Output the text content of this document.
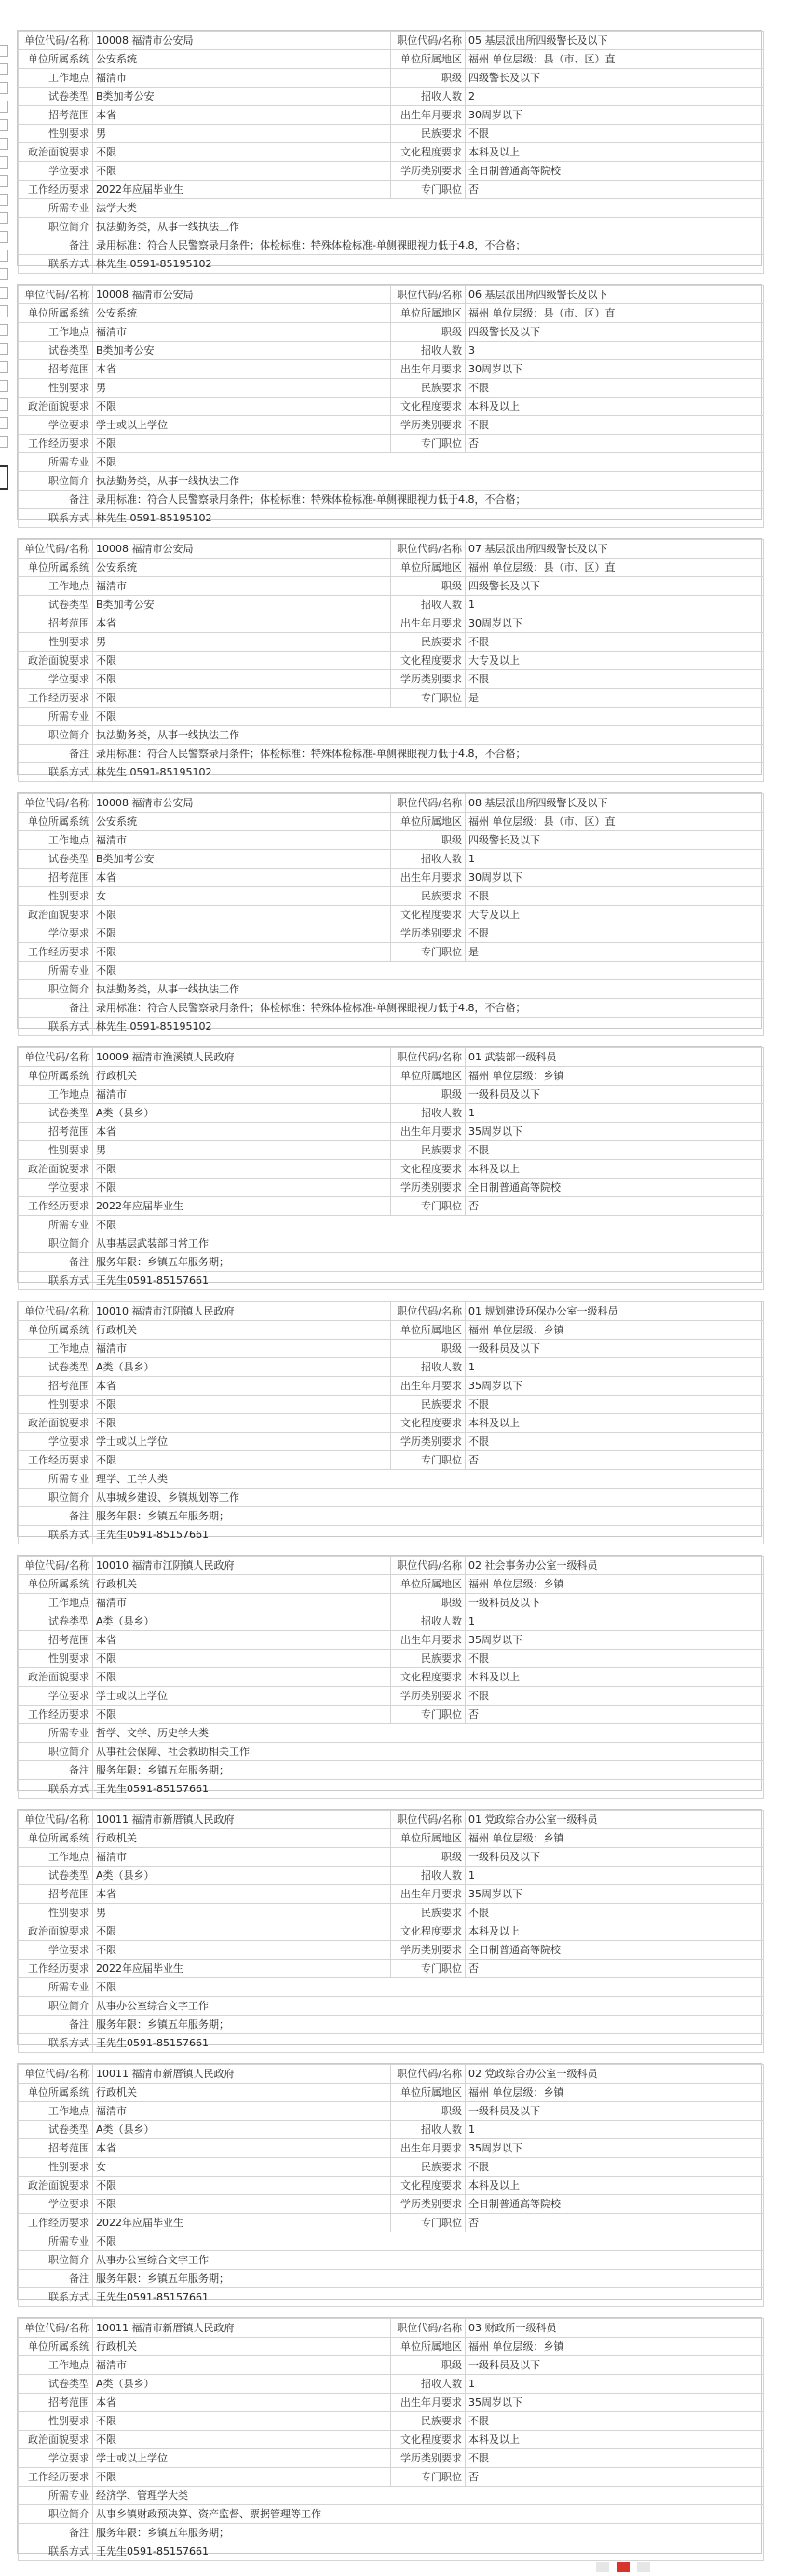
单位代码/名称	10008 福清市公安局	职位代码/名称	05 基层派出所四级警长及以下
单位所属系统	公安系统	单位所属地区	福州 单位层级：县（市、区）直
工作地点	福清市	职级	四级警长及以下
试卷类型	B类加考公安	招收人数	2
招考范围	本省	出生年月要求	30周岁以下
性别要求	男	民族要求	不限
政治面貌要求	不限	文化程度要求	本科及以上
学位要求	不限	学历类别要求	全日制普通高等院校
工作经历要求	2022年应届毕业生	专门职位	否
所需专业	法学大类		
职位简介	执法勤务类，从事一线执法工作		
备注	录用标准：符合人民警察录用条件；体检标准：特殊体检标准-单侧裸眼视力低于4.8，不合格；		
联系方式	林先生 0591-85195102		
单位代码/名称	10008 福清市公安局	职位代码/名称	06 基层派出所四级警长及以下
单位所属系统	公安系统	单位所属地区	福州 单位层级：县（市、区）直
工作地点	福清市	职级	四级警长及以下
试卷类型	B类加考公安	招收人数	3
招考范围	本省	出生年月要求	30周岁以下
性别要求	男	民族要求	不限
政治面貌要求	不限	文化程度要求	本科及以上
学位要求	学士或以上学位	学历类别要求	不限
工作经历要求	不限	专门职位	否
所需专业	不限		
职位简介	执法勤务类，从事一线执法工作		
备注	录用标准：符合人民警察录用条件；体检标准：特殊体检标准-单侧裸眼视力低于4.8，不合格；		
联系方式	林先生 0591-85195102		
单位代码/名称	10008 福清市公安局	职位代码/名称	07 基层派出所四级警长及以下
单位所属系统	公安系统	单位所属地区	福州 单位层级：县（市、区）直
工作地点	福清市	职级	四级警长及以下
试卷类型	B类加考公安	招收人数	1
招考范围	本省	出生年月要求	30周岁以下
性别要求	男	民族要求	不限
政治面貌要求	不限	文化程度要求	大专及以上
学位要求	不限	学历类别要求	不限
工作经历要求	不限	专门职位	是
所需专业	不限		
职位简介	执法勤务类，从事一线执法工作		
备注	录用标准：符合人民警察录用条件；体检标准：特殊体检标准-单侧裸眼视力低于4.8，不合格；		
联系方式	林先生 0591-85195102		
单位代码/名称	10008 福清市公安局	职位代码/名称	08 基层派出所四级警长及以下
单位所属系统	公安系统	单位所属地区	福州 单位层级：县（市、区）直
工作地点	福清市	职级	四级警长及以下
试卷类型	B类加考公安	招收人数	1
招考范围	本省	出生年月要求	30周岁以下
性别要求	女	民族要求	不限
政治面貌要求	不限	文化程度要求	大专及以上
学位要求	不限	学历类别要求	不限
工作经历要求	不限	专门职位	是
所需专业	不限		
职位简介	执法勤务类，从事一线执法工作		
备注	录用标准：符合人民警察录用条件；体检标准：特殊体检标准-单侧裸眼视力低于4.8，不合格；		
联系方式	林先生 0591-85195102		
单位代码/名称	10009 福清市渔溪镇人民政府	职位代码/名称	01 武装部一级科员
单位所属系统	行政机关	单位所属地区	福州 单位层级：乡镇
工作地点	福清市	职级	一级科员及以下
试卷类型	A类（县乡）	招收人数	1
招考范围	本省	出生年月要求	35周岁以下
性别要求	男	民族要求	不限
政治面貌要求	不限	文化程度要求	本科及以上
学位要求	不限	学历类别要求	全日制普通高等院校
工作经历要求	2022年应届毕业生	专门职位	否
所需专业	不限		
职位简介	从事基层武装部日常工作		
备注	服务年限：乡镇五年服务期；		
联系方式	王先生0591-85157661		
单位代码/名称	10010 福清市江阴镇人民政府	职位代码/名称	01 规划建设环保办公室一级科员
单位所属系统	行政机关	单位所属地区	福州 单位层级：乡镇
工作地点	福清市	职级	一级科员及以下
试卷类型	A类（县乡）	招收人数	1
招考范围	本省	出生年月要求	35周岁以下
性别要求	不限	民族要求	不限
政治面貌要求	不限	文化程度要求	本科及以上
学位要求	学士或以上学位	学历类别要求	不限
工作经历要求	不限	专门职位	否
所需专业	理学、工学大类		
职位简介	从事城乡建设、乡镇规划等工作		
备注	服务年限：乡镇五年服务期；		
联系方式	王先生0591-85157661		
单位代码/名称	10010 福清市江阴镇人民政府	职位代码/名称	02 社会事务办公室一级科员
单位所属系统	行政机关	单位所属地区	福州 单位层级：乡镇
工作地点	福清市	职级	一级科员及以下
试卷类型	A类（县乡）	招收人数	1
招考范围	本省	出生年月要求	35周岁以下
性别要求	不限	民族要求	不限
政治面貌要求	不限	文化程度要求	本科及以上
学位要求	学士或以上学位	学历类别要求	不限
工作经历要求	不限	专门职位	否
所需专业	哲学、文学、历史学大类		
职位简介	从事社会保障、社会救助相关工作		
备注	服务年限：乡镇五年服务期；		
联系方式	王先生0591-85157661		
单位代码/名称	10011 福清市新厝镇人民政府	职位代码/名称	01 党政综合办公室一级科员
单位所属系统	行政机关	单位所属地区	福州 单位层级：乡镇
工作地点	福清市	职级	一级科员及以下
试卷类型	A类（县乡）	招收人数	1
招考范围	本省	出生年月要求	35周岁以下
性别要求	男	民族要求	不限
政治面貌要求	不限	文化程度要求	本科及以上
学位要求	不限	学历类别要求	全日制普通高等院校
工作经历要求	2022年应届毕业生	专门职位	否
所需专业	不限		
职位简介	从事办公室综合文字工作		
备注	服务年限：乡镇五年服务期；		
联系方式	王先生0591-85157661		
单位代码/名称	10011 福清市新厝镇人民政府	职位代码/名称	02 党政综合办公室一级科员
单位所属系统	行政机关	单位所属地区	福州 单位层级：乡镇
工作地点	福清市	职级	一级科员及以下
试卷类型	A类（县乡）	招收人数	1
招考范围	本省	出生年月要求	35周岁以下
性别要求	女	民族要求	不限
政治面貌要求	不限	文化程度要求	本科及以上
学位要求	不限	学历类别要求	全日制普通高等院校
工作经历要求	2022年应届毕业生	专门职位	否
所需专业	不限		
职位简介	从事办公室综合文字工作		
备注	服务年限：乡镇五年服务期；		
联系方式	王先生0591-85157661		
单位代码/名称	10011 福清市新厝镇人民政府	职位代码/名称	03 财政所一级科员
单位所属系统	行政机关	单位所属地区	福州 单位层级：乡镇
工作地点	福清市	职级	一级科员及以下
试卷类型	A类（县乡）	招收人数	1
招考范围	本省	出生年月要求	35周岁以下
性别要求	不限	民族要求	不限
政治面貌要求	不限	文化程度要求	本科及以上
学位要求	学士或以上学位	学历类别要求	不限
工作经历要求	不限	专门职位	否
所需专业	经济学、管理学大类		
职位简介	从事乡镇财政预决算、资产监督、票据管理等工作		
备注	服务年限：乡镇五年服务期；		
联系方式	王先生0591-85157661		
